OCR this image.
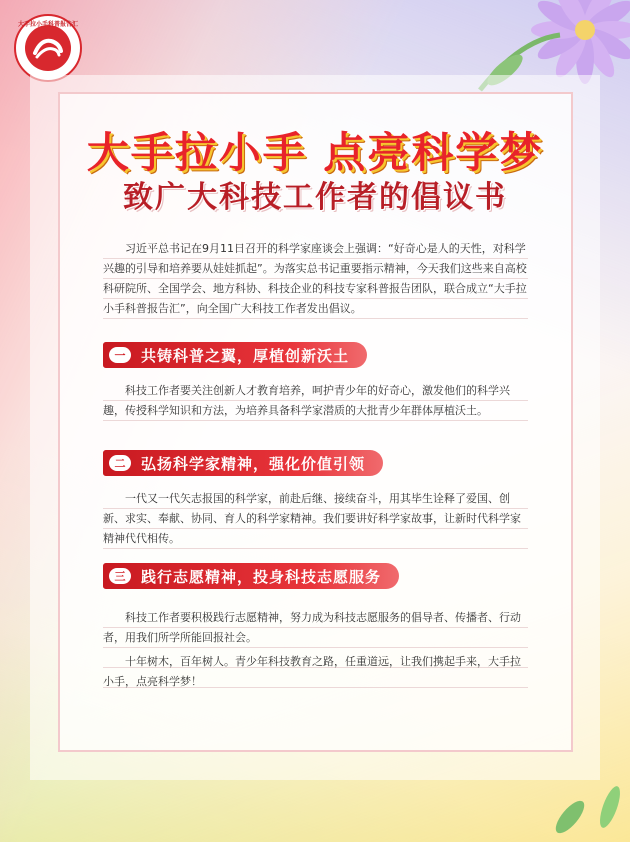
大手拉小手科普报告汇
大手拉小手 点亮科学梦
致广大科技工作者的倡议书

习近平总书记在9月11日召开的科学家座谈会上强调：“好奇心是人的天性，对科学兴趣的引导和培养要从娃娃抓起”。为落实总书记重要指示精神，今天我们这些来自高校科研院所、全国学会、地方科协、科技企业的科技专家科普报告团队，联合成立“大手拉小手科普报告汇”，向全国广大科技工作者发出倡议。

一	共铸科普之翼，厚植创新沃土

科技工作者要关注创新人才教育培养，呵护青少年的好奇心，激发他们的科学兴趣，传授科学知识和方法，为培养具备科学家潜质的大批青少年群体厚植沃土。

二	弘扬科学家精神，强化价值引领

一代又一代矢志报国的科学家，前赴后继、接续奋斗，用其毕生诠释了爱国、创新、求实、奉献、协同、育人的科学家精神。我们要讲好科学家故事，让新时代科学家精神代代相传。

三	践行志愿精神，投身科技志愿服务

科技工作者要积极践行志愿精神，努力成为科技志愿服务的倡导者、传播者、行动者，用我们所学所能回报社会。

十年树木，百年树人。青少年科技教育之路，任重道远，让我们携起手来，大手拉小手，点亮科学梦！
